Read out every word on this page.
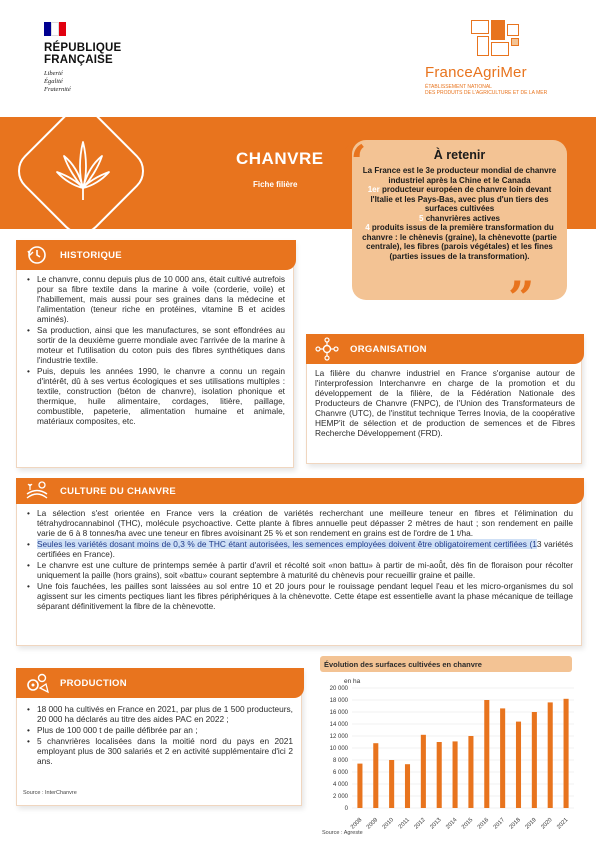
RÉPUBLIQUE
FRANÇAISE
Liberté
Égalité
Fraternité
FranceAgriMer
ÉTABLISSEMENT NATIONAL
DES PRODUITS DE L'AGRICULTURE ET DE LA MER
CHANVRE
Fiche filière
À retenir
La France est le 3e producteur mondial de chanvre industriel après la Chine et le Canada
1er producteur européen de chanvre loin devant l'Italie et les Pays-Bas, avec plus d'un tiers des surfaces cultivées
5 chanvrières actives
4 produits issus de la première transformation du chanvre : le chènevis (graine), la chènevotte (partie centrale), les fibres (parois végétales) et les fines (parties issues de la transformation).
“
”
HISTORIQUE
• Le chanvre, connu depuis plus de 10 000 ans, était cultivé autrefois pour sa fibre textile dans la marine à voile (corderie, voile) et l'habillement, mais aussi pour ses graines dans la médecine et l'alimentation (teneur riche en protéines, vitamine B et acides aminés).
• Sa production, ainsi que les manufactures, se sont effondrées au sortir de la deuxième guerre mondiale avec l'arrivée de la marine à moteur et l'utilisation du coton puis des fibres synthétiques dans l'industrie textile.
• Puis, depuis les années 1990, le chanvre a connu un regain d'intérêt, dû à ses vertus écologiques et ses utilisations multiples : textile, construction (béton de chanvre), isolation phonique et thermique, huile alimentaire, cordages, litière, paillage, combustible, papeterie, alimentation humaine et animale, matériaux composites, etc.
ORGANISATION
La filière du chanvre industriel en France s'organise autour de l'interprofession Interchanvre en charge de la promotion et du développement de la filière, de la Fédération Nationale des Producteurs de Chanvre (FNPC), de l'Union des Transformateurs de Chanvre (UTC), de l'institut technique Terres Inovia, de la coopérative HEMP'it de sélection et de production de semences et de Fibres Recherche Développement (FRD).
CULTURE DU CHANVRE
• La sélection s'est orientée en France vers la création de variétés recherchant une meilleure teneur en fibres et l'élimination du tétrahydrocannabinol (THC), molécule psychoactive. Cette plante à fibres annuelle peut dépasser 2 mètres de haut ; son rendement en paille varie de 6 à 8 tonnes/ha avec une teneur en fibres avoisinant 25 % et son rendement en grains est de l'ordre de 1 t/ha.
• Seules les variétés dosant moins de 0,3 % de THC étant autorisées, les semences employées doivent être obligatoirement certifiées (13 variétés certifiées en France).
• Le chanvre est une culture de printemps semée à partir d'avril et récolté soit «non battu» à partir de mi-aoû̂t, dès fin de floraison pour récolter uniquement la paille (hors grains), soit «battu» courant septembre à maturité du chènevis pour recueillir graine et paille.
• Une fois fauchées, les pailles sont laissées au sol entre 10 et 20 jours pour le rouissage pendant lequel l'eau et les micro-organismes du sol agissent sur les ciments pectiques liant les fibres périphériques à la chènevotte. Cette étape est essentielle avant la phase mécanique de teillage séparant définitivement la fibre de la chènevotte.
PRODUCTION
• 18 000 ha cultivés en France en 2021, par plus de 1 500 producteurs, 20 000 ha déclarés au titre des aides PAC en 2022 ;
• Plus de 100 000 t de paille défibrée par an ;
• 5 chanvrières localisées dans la moitié nord du pays en 2021 employant plus de 300 salariés et 2 en activité supplémentaire d'ici 2 ans.
Source : InterChanvre
Évolution des surfaces cultivées en chanvre
en ha
0
2 000
4 000
6 000
8 000
10 000
12 000
14 000
16 000
18 000
20 000
2008 2009 2010 2011 2012 2013 2014 2015 2016 2017 2018 2019 2020 2021
Source : Agreste
